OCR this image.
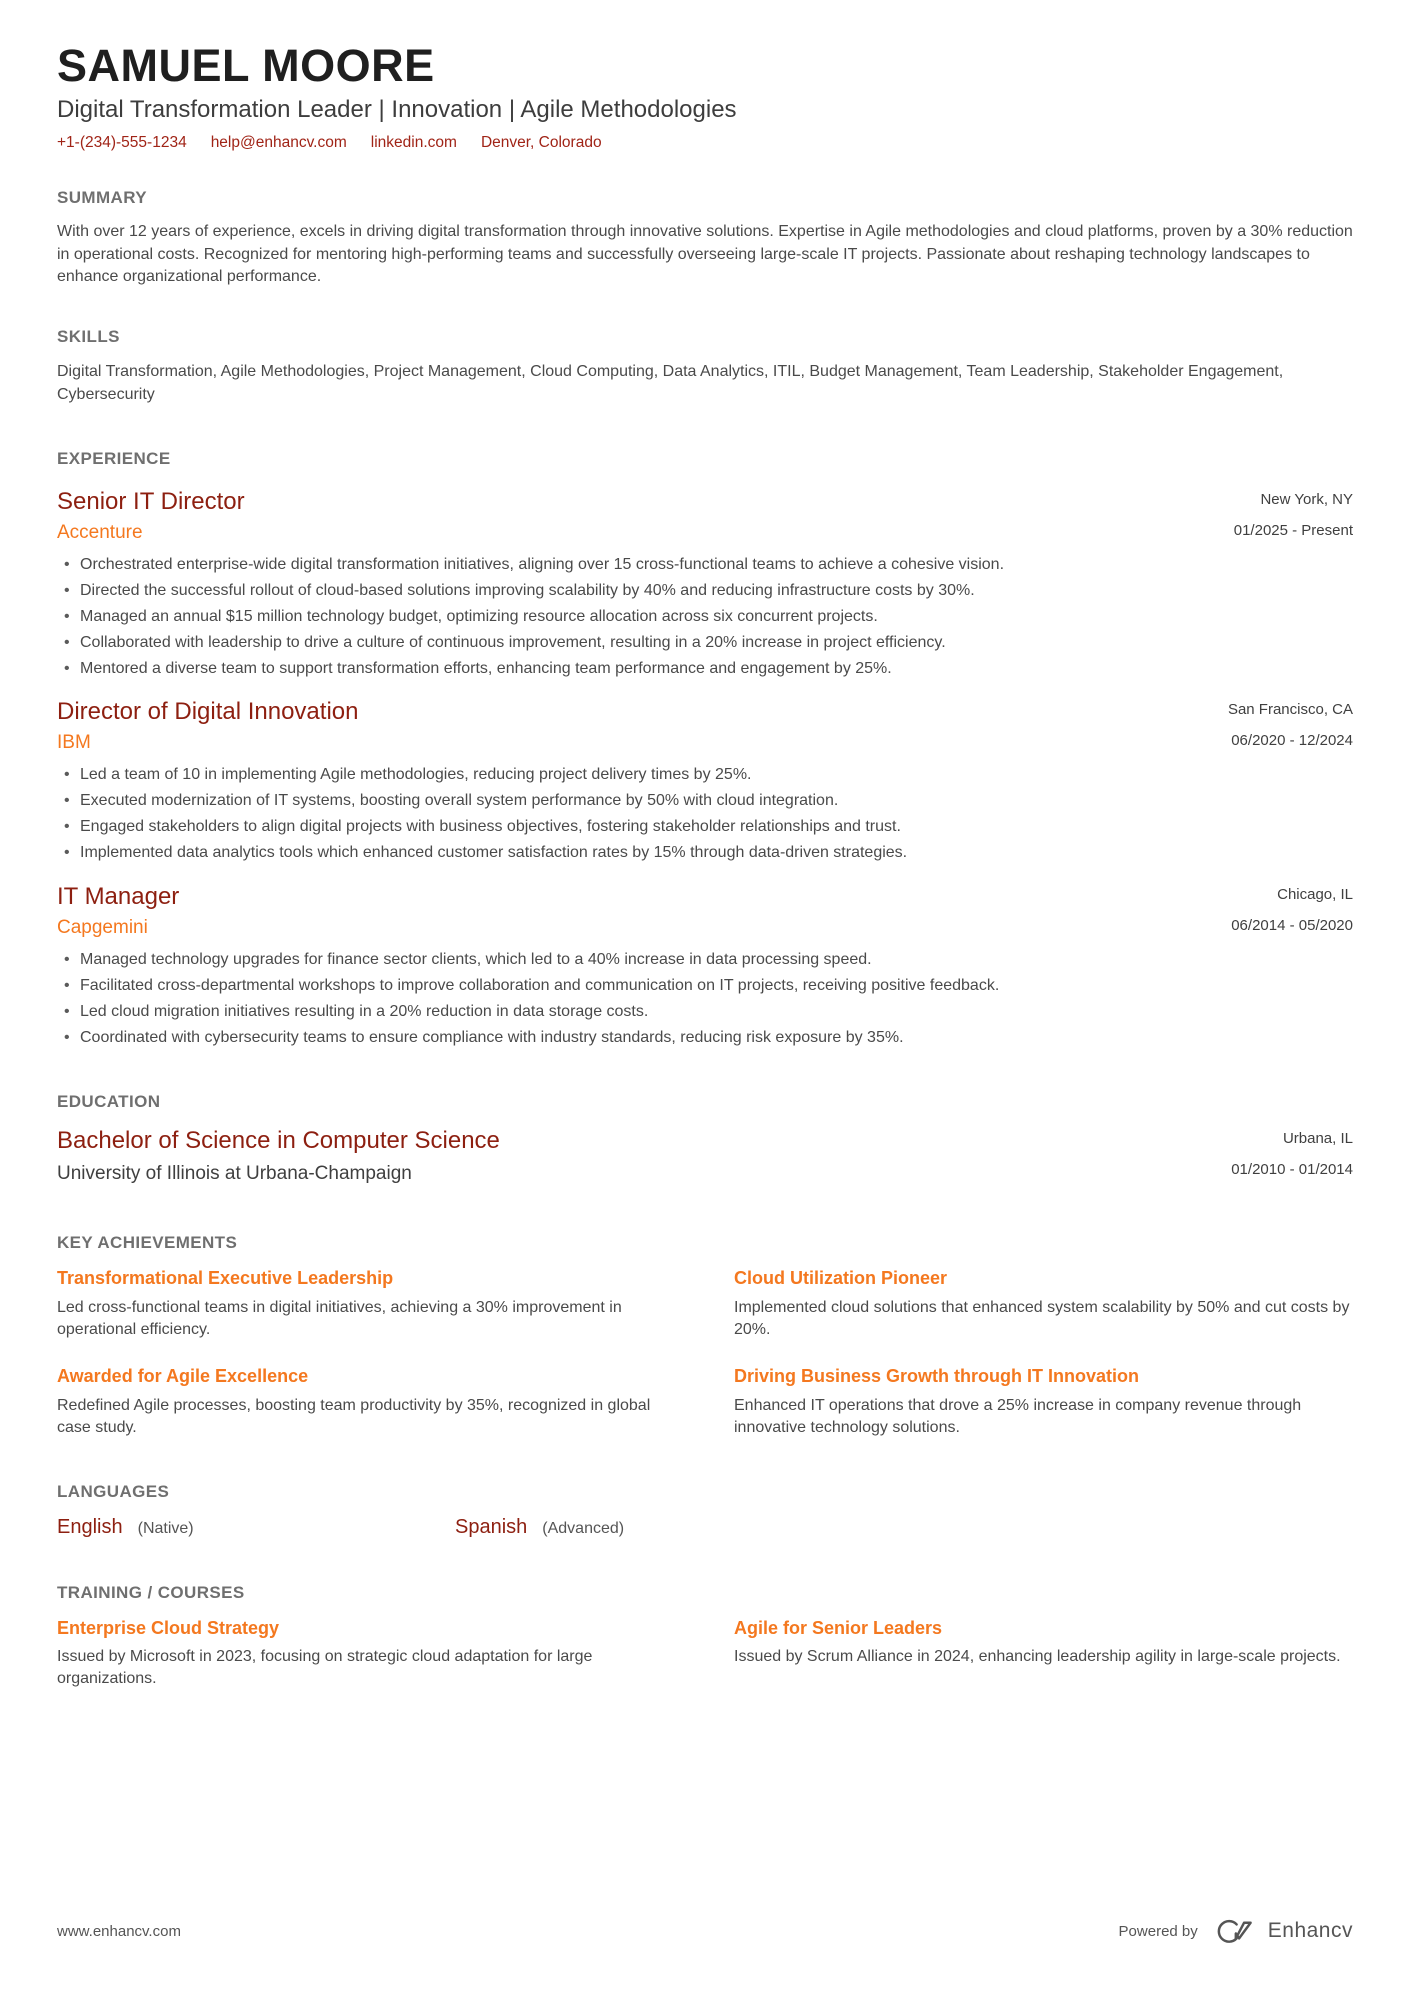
SAMUEL MOORE
Digital Transformation Leader | Innovation | Agile Methodologies
+1-(234)-555-1234 help@enhancv.com linkedin.com Denver, Colorado
SUMMARY
With over 12 years of experience, excels in driving digital transformation through innovative solutions. Expertise in Agile methodologies and cloud platforms, proven by a 30% reduction in operational costs. Recognized for mentoring high-performing teams and successfully overseeing large-scale IT projects. Passionate about reshaping technology landscapes to enhance organizational performance.
SKILLS
Digital Transformation, Agile Methodologies, Project Management, Cloud Computing, Data Analytics, ITIL, Budget Management, Team Leadership, Stakeholder Engagement, Cybersecurity
EXPERIENCE
Senior IT Director
Accenture
New York, NY
01/2025 - Present
• Orchestrated enterprise-wide digital transformation initiatives, aligning over 15 cross-functional teams to achieve a cohesive vision.
• Directed the successful rollout of cloud-based solutions improving scalability by 40% and reducing infrastructure costs by 30%.
• Managed an annual $15 million technology budget, optimizing resource allocation across six concurrent projects.
• Collaborated with leadership to drive a culture of continuous improvement, resulting in a 20% increase in project efficiency.
• Mentored a diverse team to support transformation efforts, enhancing team performance and engagement by 25%.
Director of Digital Innovation
IBM
San Francisco, CA
06/2020 - 12/2024
• Led a team of 10 in implementing Agile methodologies, reducing project delivery times by 25%.
• Executed modernization of IT systems, boosting overall system performance by 50% with cloud integration.
• Engaged stakeholders to align digital projects with business objectives, fostering stakeholder relationships and trust.
• Implemented data analytics tools which enhanced customer satisfaction rates by 15% through data-driven strategies.
IT Manager
Capgemini
Chicago, IL
06/2014 - 05/2020
• Managed technology upgrades for finance sector clients, which led to a 40% increase in data processing speed.
• Facilitated cross-departmental workshops to improve collaboration and communication on IT projects, receiving positive feedback.
• Led cloud migration initiatives resulting in a 20% reduction in data storage costs.
• Coordinated with cybersecurity teams to ensure compliance with industry standards, reducing risk exposure by 35%.
EDUCATION
Bachelor of Science in Computer Science
University of Illinois at Urbana-Champaign
Urbana, IL
01/2010 - 01/2014
KEY ACHIEVEMENTS
Transformational Executive Leadership
Led cross-functional teams in digital initiatives, achieving a 30% improvement in operational efficiency.
Cloud Utilization Pioneer
Implemented cloud solutions that enhanced system scalability by 50% and cut costs by 20%.
Awarded for Agile Excellence
Redefined Agile processes, boosting team productivity by 35%, recognized in global case study.
Driving Business Growth through IT Innovation
Enhanced IT operations that drove a 25% increase in company revenue through innovative technology solutions.
LANGUAGES
English (Native)	Spanish (Advanced)
TRAINING / COURSES
Enterprise Cloud Strategy
Issued by Microsoft in 2023, focusing on strategic cloud adaptation for large organizations.
Agile for Senior Leaders
Issued by Scrum Alliance in 2024, enhancing leadership agility in large-scale projects.
www.enhancv.com	Powered by	Enhancv
